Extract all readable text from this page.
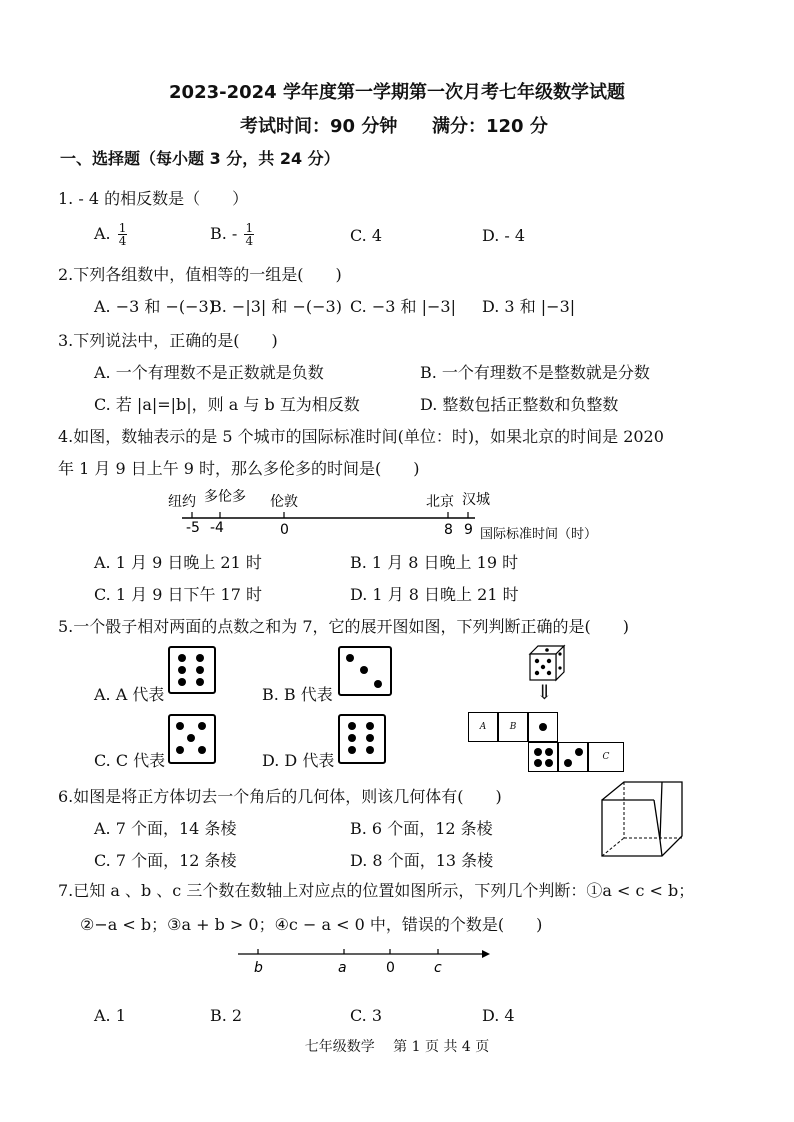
2023-2024 学年度第一学期第一次月考七年级数学试题
考试时间：90 分钟 满分：120 分
一、选择题（每小题 3 分，共 24 分）
1. - 4 的相反数是（　　）
A. $\frac{1}{4}$	B. - $\frac{1}{4}$	C. 4	D. - 4
2.下列各组数中，值相等的一组是(　　)
A. −3 和 −(−3)
B. −|3| 和 −(−3) C. −3 和 |−3| D. 3 和 |−3|
3.下列说法中，正确的是(　　)
A. 一个有理数不是正数就是负数	B. 一个有理数不是整数就是分数
C. 若 |a|=|b|，则 a 与 b 互为相反数	D. 整数包括正整数和负整数
4.如图，数轴表示的是 5 个城市的国际标准时间(单位：时)，如果北京的时间是 2020
年 1 月 9 日上午 9 时，那么多伦多的时间是(　　)
纽约 多伦多 伦敦	北京 汉城
-5 -4	0	8 9 国际标准时间（时）
A. 1 月 9 日晚上 21 时	B. 1 月 8 日晚上 19 时
C. 1 月 9 日下午 17 时	D. 1 月 8 日晚上 21 时
5.一个骰子相对两面的点数之和为 7，它的展开图如图，下列判断正确的是(　　)
A. A 代表	B. B 代表
C. C 代表	D. D 代表
⇓
A	B
C
6.如图是将正方体切去一个角后的几何体，则该几何体有(　　)
A. 7 个面，14 条棱	B. 6 个面，12 条棱
C. 7 个面，12 条棱	D. 8 个面，13 条棱
7.已知 a 、b 、c 三个数在数轴上对应点的位置如图所示，下列几个判断：①a < c < b；
②−a < b；③a + b > 0；④c − a < 0 中，错误的个数是(　　)
b	a	0	c
A. 1	B. 2	C. 3	D. 4
七年级数学　 第 1 页 共 4 页
